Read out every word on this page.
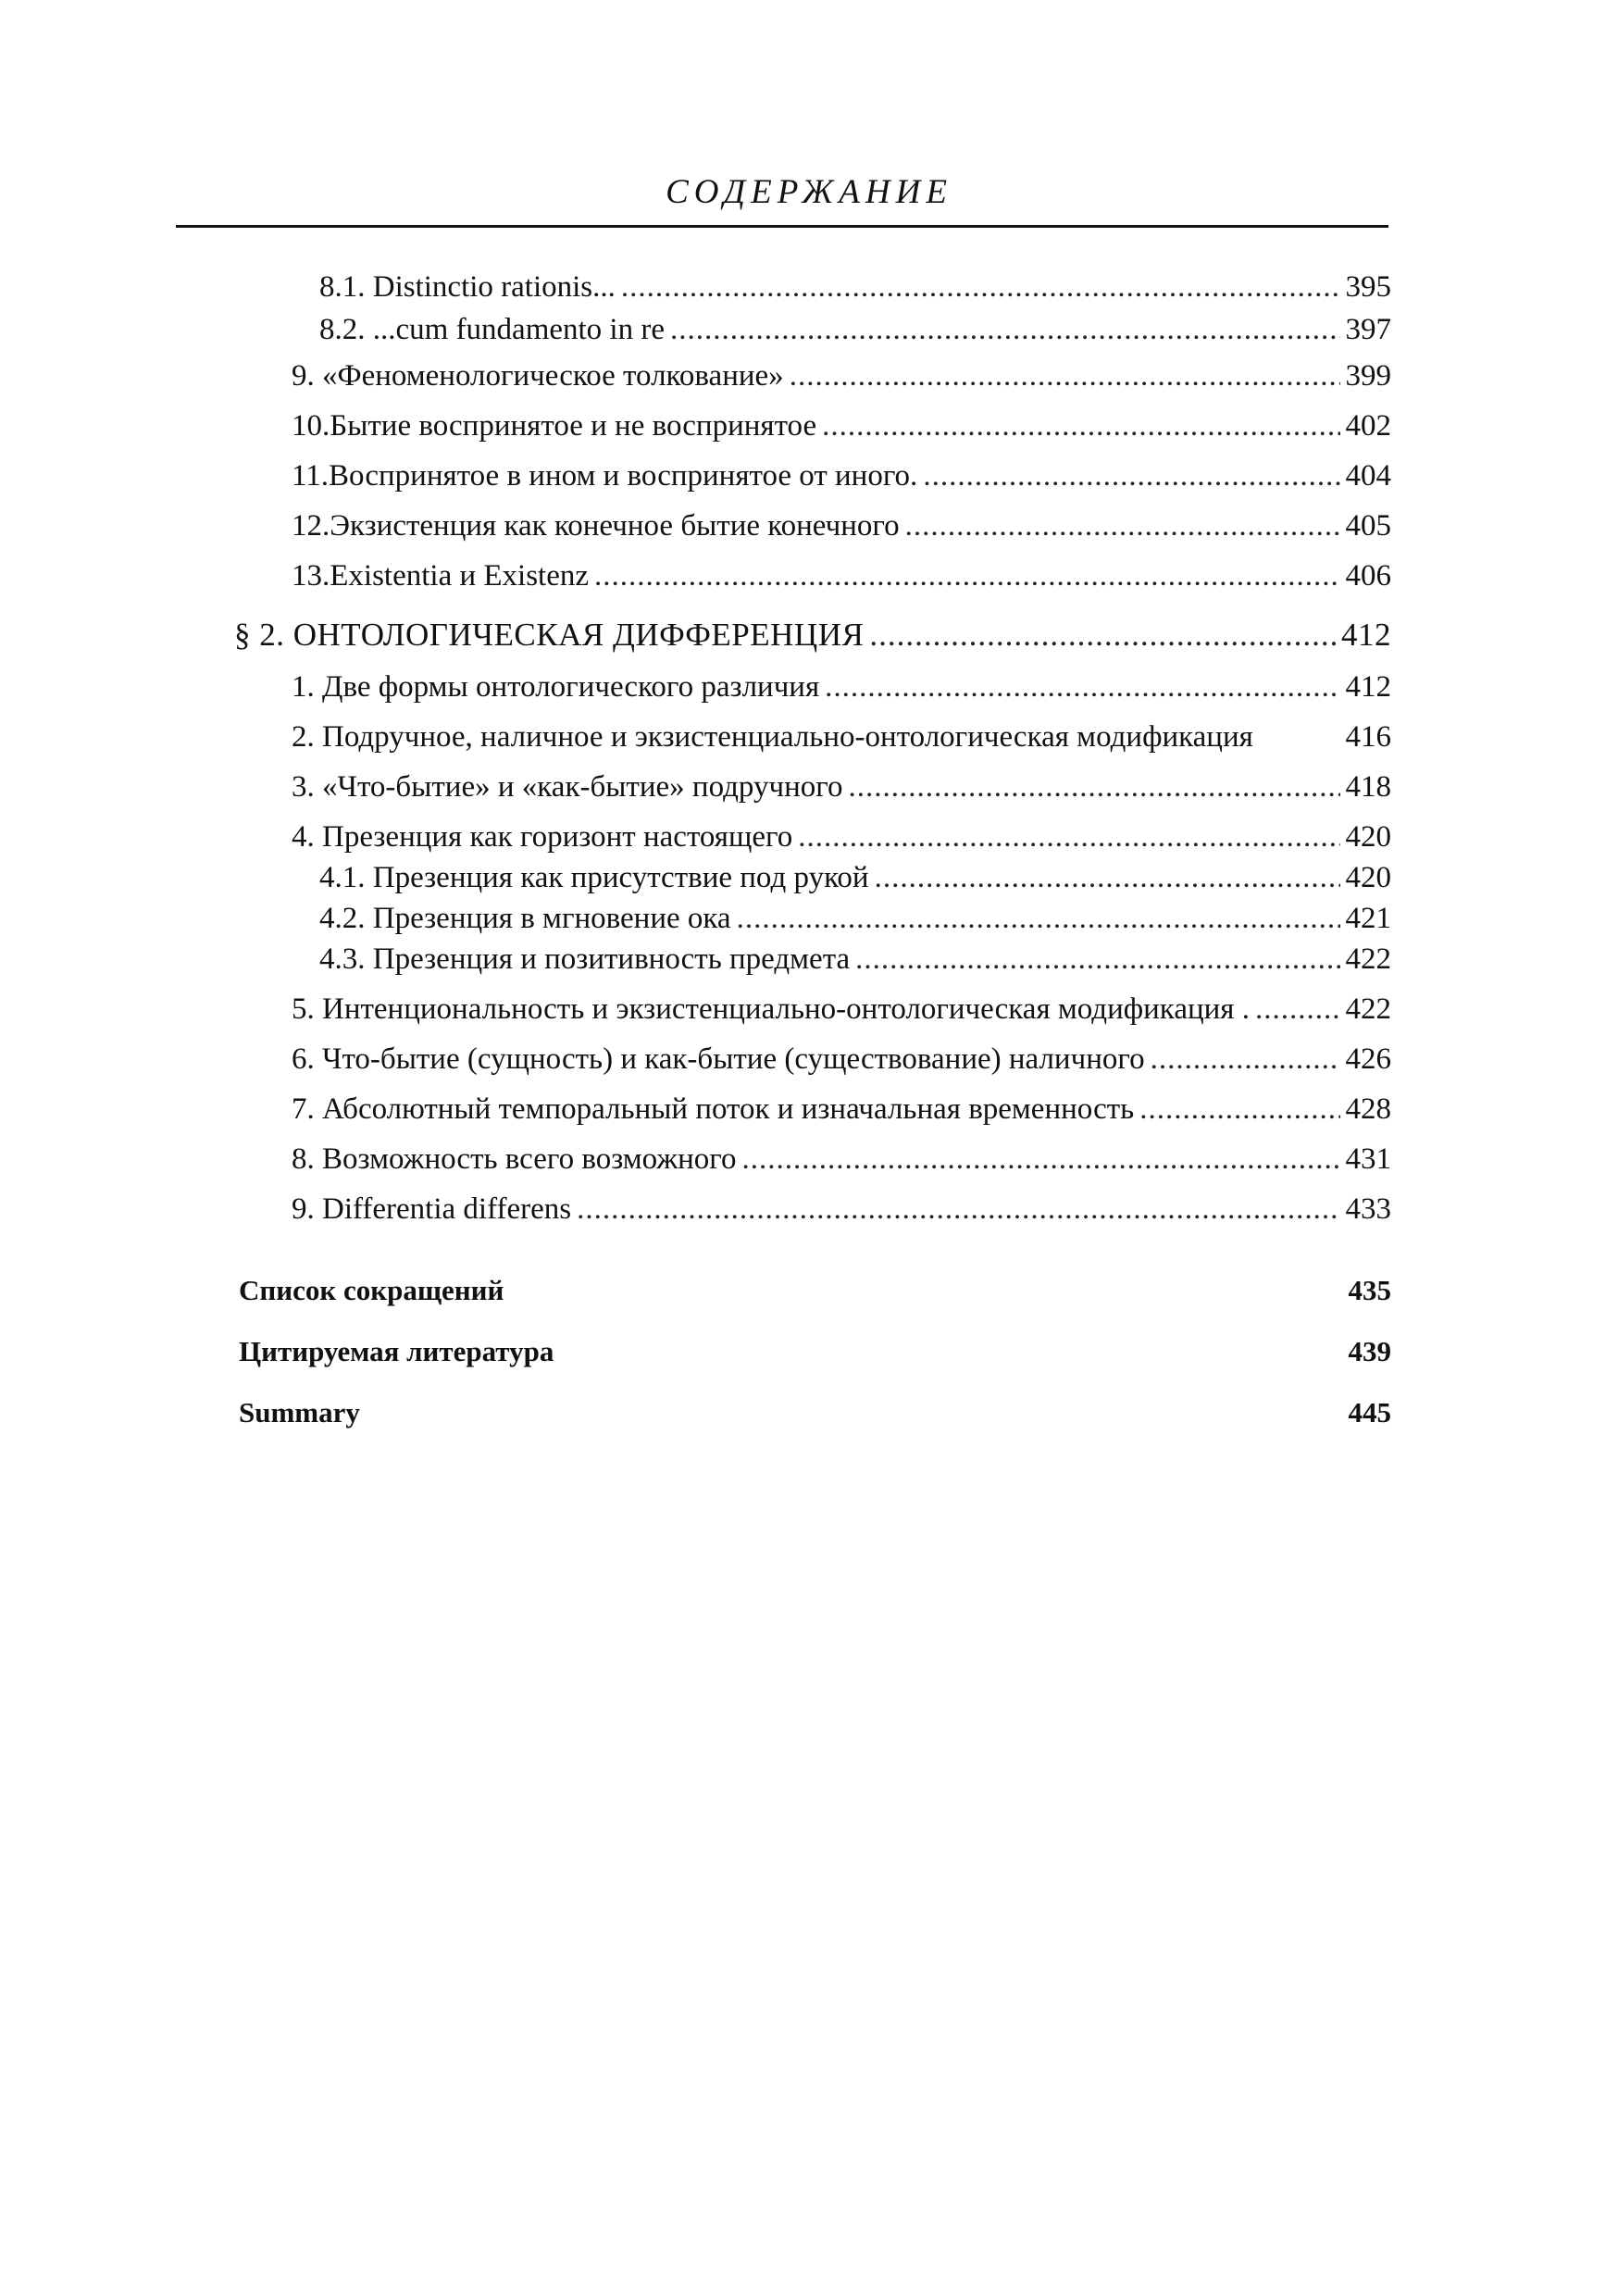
СОДЕРЖАНИЕ
8.1. Distinctio rationis... .....	395
8.2. ...cum fundamento in re .....	397
9. «Феноменологическое толкование» .....	399
10.Бытие воспринятое и не воспринятое .....	402
11.Воспринятое в ином и воспринятое от иного. .....	404
12.Экзистенция как конечное бытие конечного .....	405
13.Existentia и Existenz .....	406
§ 2. ОНТОЛОГИЧЕСКАЯ ДИФФЕРЕНЦИЯ .....	412
1. Две формы онтологического различия .....	412
2. Подручное, наличное и экзистенциально-онтологическая модификация	416
3. «Что-бытие» и «как-бытие» подручного .....	418
4. Презенция как горизонт настоящего .....	420
4.1. Презенция как присутствие под рукой .....	420
4.2. Презенция в мгновение ока .....	421
4.3. Презенция и позитивность предмета .....	422
5. Интенциональность и экзистенциально-онтологическая модификация . .....	422
6. Что-бытие (сущность) и как-бытие (существование) наличного .....	426
7. Абсолютный темпоральный поток и изначальная временность .....	428
8. Возможность всего возможного .....	431
9. Differentia differens .....	433
Список сокращений	435
Цитируемая литература	439
Summary	445
